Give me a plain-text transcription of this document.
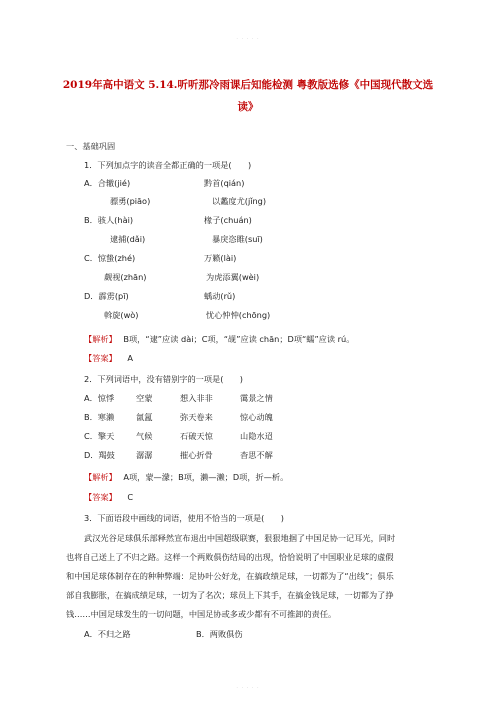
· · · · ·
2019年高中语文 5.14.听听那冷雨课后知能检测 粤教版选修《中国现代散文选读》
一、基础巩固
1．下列加点字的读音全都正确的一项是(　　)
A．合辙(jié)	黔首(qián)
骠勇(piāo)	以蠡度尤(jǐng)
B．骇人(hài)	椽子(chuán)
逮捕(dǎi)	暴戾恣睢(suī)
C．惊蛰(zhé)	万籁(lài)
觑视(zhān)	为虎添翼(wèi)
D．霹雳(pī)	蝺动(rǔ)
斡旋(wò)	忧心忡忡(chōng)
【解析】 B项，“逮”应读 dài；C项，“觇”应读 chān；D项“蠕”应读 rú。
【答案】 A
2．下列词语中，没有错别字的一项是(　　)
A．惊悸	空蒙	想入非非	霭景之情
B．寒濑	氤氲	弥天卷来	惊心动魄
C．擎天	气候	石破天惊	山隐水迢
D．羯鼓	潺潺	摧心折骨	杳思不解
【解析】 A项，蒙—濛；B项，濑—濑；D项，折—析。
【答案】 C
3．下面语段中画线的词语，使用不恰当的一项是(　　)
武汉光谷足球俱乐部释然宣布退出中国超级联赛，狠狠地掴了中国足协一记耳光，同时
也将自己送上了不归之路。这样一个两败俱伤结局的出现，恰恰说明了中国职业足球的虚假
和中国足球体制存在的种种弊端：足协叶公好龙，在搞政绩足球，一切都为了“出线”；俱乐
部自我膨胀，在搞成绩足球，一切为了名次；球员上下其手，在搞金钱足球，一切都为了挣
钱……中国足球发生的一切问题，中国足协或多或少都有不可推卸的责任。
A．不归之路	B．两败俱伤
· · · · ·
